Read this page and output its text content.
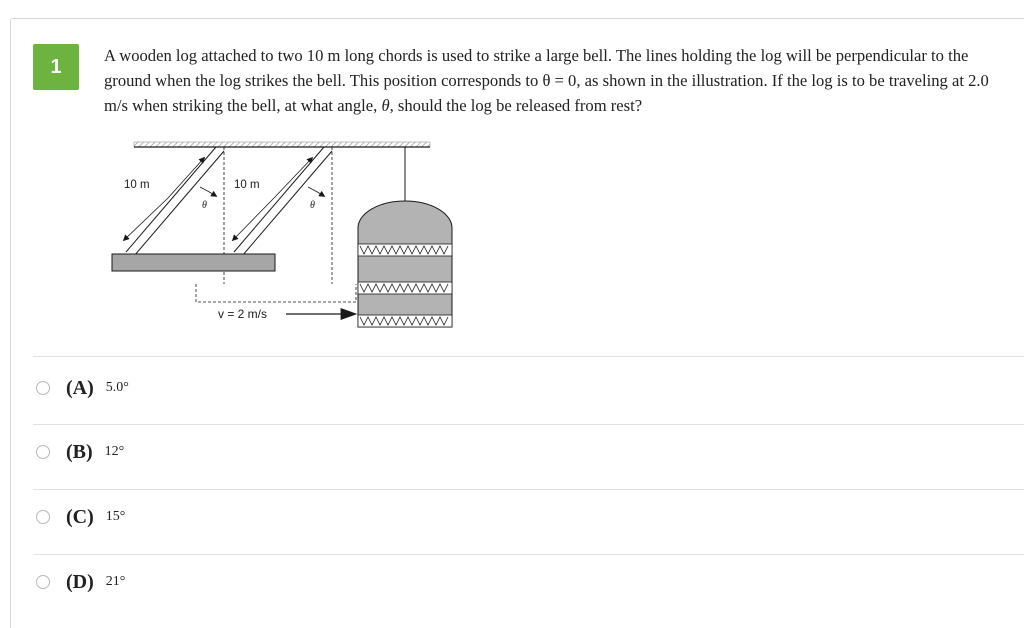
1	A wooden log attached to two 10 m long chords is used to strike a large bell. The lines holding the log will be perpendicular to the ground when the log strikes the bell. This position corresponds to θ = 0, as shown in the illustration. If the log is to be traveling at 2.0 m/s when striking the bell, at what angle, θ, should the log be released from rest?
10 m	10 m
θ	θ
v = 2 m/s
(A) 5.0°
(B) 12°
(C) 15°
(D) 21°
